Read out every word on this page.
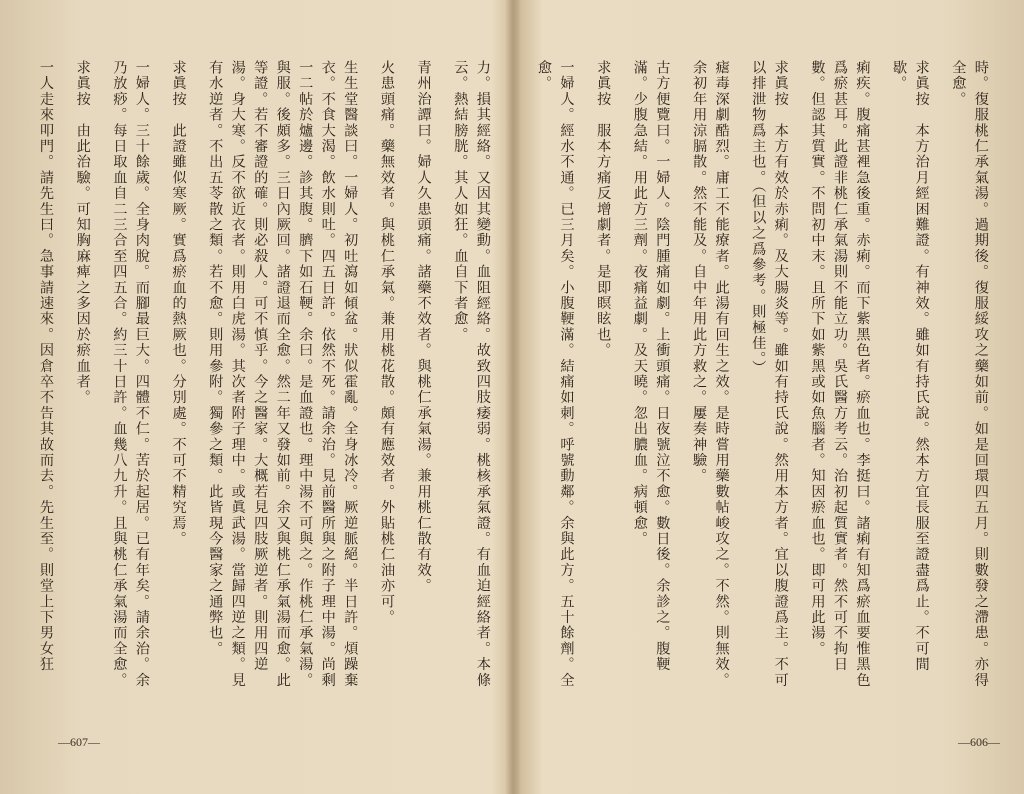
力。損其經絡。又因其變動。血阻經絡。故致四肢痿弱。桃核承氣證。有血迫經絡者。本條云。熱結膀胱。其人如狂。血自下者愈。

青州治譚曰。婦人久患頭痛。諸藥不效者。與桃仁承氣湯。兼用桃仁散有效。

火患頭痛。藥無效者。與桃仁承氣。兼用桃花散。頗有應效者。外貼桃仁油亦可。

生生堂醫談曰。一婦人。初吐瀉如傾盆。狀似霍亂。全身冰冷。厥逆脈絕。半日許。煩躁棄衣。不食大渴。飲水則吐。四五日許。依然不死。請余治。見前醫所與之附子理中湯。尚剩一二帖於爐邊。診其腹。臍下如石鞕。余曰。是血證也。理中湯不可與之。作桃仁承氣湯。與服。後頗多。三日內厥回。諸證退而全愈。然二年又發如前。余又與桃仁承氣湯而愈。此等證。若不審證的確。則必殺人。可不慎乎。今之醫家。大概若見四肢厥逆者。則用四逆湯。身大寒。反不欲近衣者。則用白虎湯。其次者附子理中。或眞武湯。當歸四逆之類。見有水逆者。不出五苓散之類。若不愈。則用參附。獨參之類。此皆現今醫家之通弊也。

求眞按　此證雖似寒厥。實爲瘀血的熱厥也。分別處。不可不精究焉。

一婦人。三十餘歲。全身肉脫。而腳最巨大。四體不仁。苦於起居。已有年矣。請余治。余乃放痧。每日取血自二三合至四五合。約三十日許。血幾八九升。且與桃仁承氣湯而全愈。

求眞按　由此治驗。可知胸麻痺之多因於瘀血者。

一人走來叩門。請先生曰。急事請速來。因倉卒不告其故而去。先生至。則堂上下男女狂

—607—

時。復服桃仁承氣湯。過期後。復服綏攻之藥如前。如是回環四五月。則數發之滯患。亦得全愈。

求眞按　本方治月經困難證。有神效。雖如有持氏說。然本方宜長服至證盡爲止。不可間歇。

痢疾。腹痛甚裡急後重。赤痢。而下紫黑色者。瘀血也。李挺曰。諸痢有知爲瘀血要惟黑色爲瘀甚耳。此證非桃仁承氣湯則不能立功。吳氏醫方考云。治初起質實者。然不可不拘日數。但認其質實。不問初中末。且所下如紫黑或如魚腦者。知因瘀血也。即可用此湯。

求眞按　本方有效於赤痢。及大腸炎等。雖如有持氏說。然用本方者。宜以腹證爲主。不可以排泄物爲主也。（但以之爲參考。則極佳。）

瘧毒深劇酷烈。庸工不能療者。此湯有回生之效。是時嘗用藥數帖峻攻之。不然。則無效。余初年用涼膈散。然不能及。自中年用此方救之。屢奏神驗。

古方便覽曰。一婦人。陰門腫痛如劇。上衝頭痛。日夜號泣不愈。數日後。余診之。腹鞕滿。少腹急結。用此方三劑。夜痛益劇。及天曉。忽出膿血。病頓愈。

求眞按　服本方痛反增劇者。是即瞑眩也。

一婦人。經水不通。已三月矣。小腹鞕滿。結痛如刺。呼號動鄰。余與此方。五十餘劑。全愈。

—606—
